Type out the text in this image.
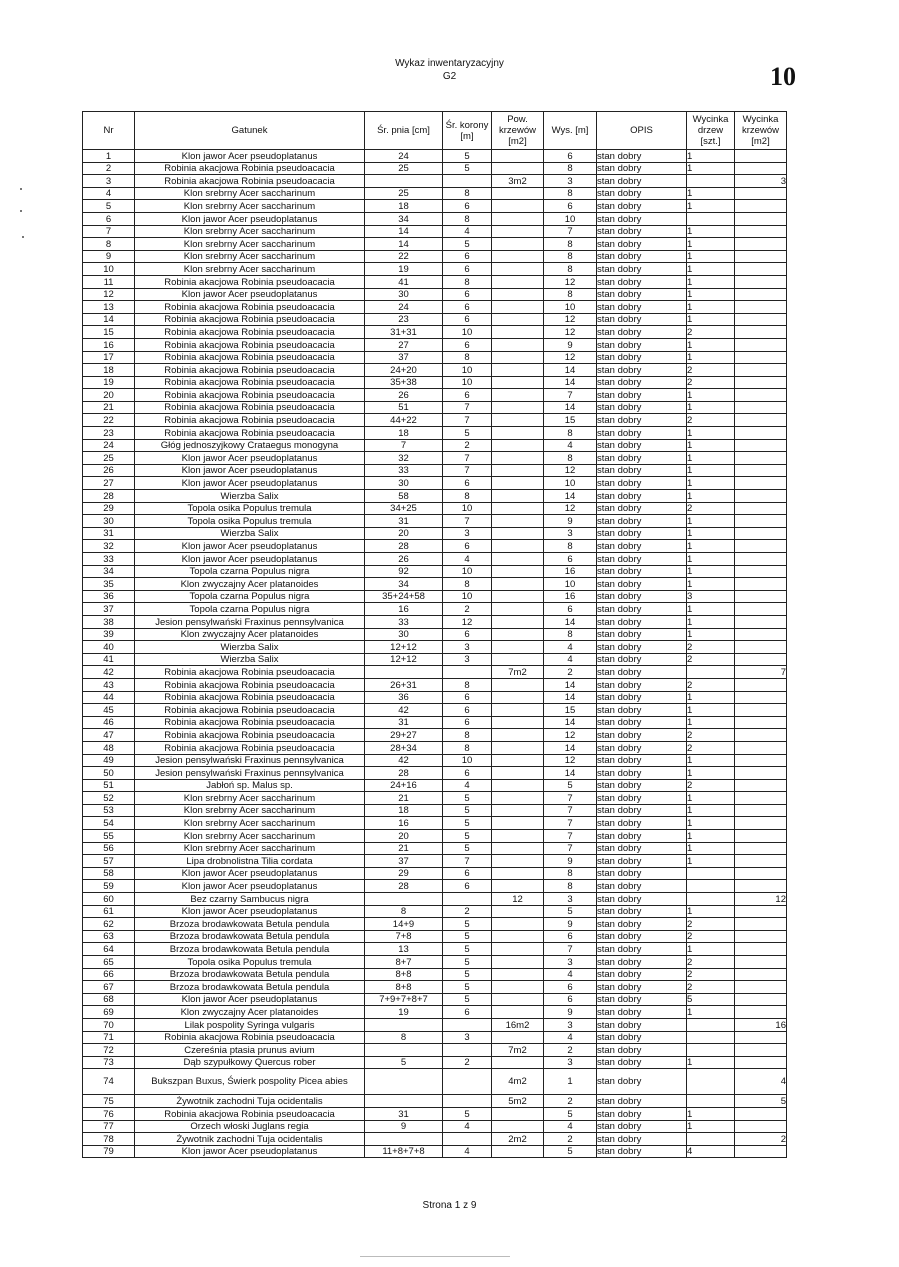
Wykaz inwentaryzacyjny
G2	10
Nr	Gatunek	Śr. pnia [cm]	Śr. korony [m]	Pow. krzewów [m2]	Wys. [m]	OPIS	Wycinka drzew [szt.]	Wycinka krzewów [m2]
1	Klon jawor Acer pseudoplatanus	24	5		6	stan dobry	1	
2	Robinia akacjowa Robinia pseudoacacia	25	5		8	stan dobry	1	
3	Robinia akacjowa Robinia pseudoacacia			3m2	3	stan dobry		3
4	Klon srebrny Acer saccharinum	25	8		8	stan dobry	1	
5	Klon srebrny Acer saccharinum	18	6		6	stan dobry	1	
6	Klon jawor Acer pseudoplatanus	34	8		10	stan dobry		
7	Klon srebrny Acer saccharinum	14	4		7	stan dobry	1	
8	Klon srebrny Acer saccharinum	14	5		8	stan dobry	1	
9	Klon srebrny Acer saccharinum	22	6		8	stan dobry	1	
10	Klon srebrny Acer saccharinum	19	6		8	stan dobry	1	
11	Robinia akacjowa Robinia pseudoacacia	41	8		12	stan dobry	1	
12	Klon jawor Acer pseudoplatanus	30	6		8	stan dobry	1	
13	Robinia akacjowa Robinia pseudoacacia	24	6		10	stan dobry	1	
14	Robinia akacjowa Robinia pseudoacacia	23	6		12	stan dobry	1	
15	Robinia akacjowa Robinia pseudoacacia	31+31	10		12	stan dobry	2	
16	Robinia akacjowa Robinia pseudoacacia	27	6		9	stan dobry	1	
17	Robinia akacjowa Robinia pseudoacacia	37	8		12	stan dobry	1	
18	Robinia akacjowa Robinia pseudoacacia	24+20	10		14	stan dobry	2	
19	Robinia akacjowa Robinia pseudoacacia	35+38	10		14	stan dobry	2	
20	Robinia akacjowa Robinia pseudoacacia	26	6		7	stan dobry	1	
21	Robinia akacjowa Robinia pseudoacacia	51	7		14	stan dobry	1	
22	Robinia akacjowa Robinia pseudoacacia	44+22	7		15	stan dobry	2	
23	Robinia akacjowa Robinia pseudoacacia	18	5		8	stan dobry	1	
24	Głóg jednoszyjkowy Crataegus monogyna	7	2		4	stan dobry	1	
25	Klon jawor Acer pseudoplatanus	32	7		8	stan dobry	1	
26	Klon jawor Acer pseudoplatanus	33	7		12	stan dobry	1	
27	Klon jawor Acer pseudoplatanus	30	6		10	stan dobry	1	
28	Wierzba Salix	58	8		14	stan dobry	1	
29	Topola osika Populus tremula	34+25	10		12	stan dobry	2	
30	Topola osika Populus tremula	31	7		9	stan dobry	1	
31	Wierzba Salix	20	3		3	stan dobry	1	
32	Klon jawor Acer pseudoplatanus	28	6		8	stan dobry	1	
33	Klon jawor Acer pseudoplatanus	26	4		6	stan dobry	1	
34	Topola czarna Populus nigra	92	10		16	stan dobry	1	
35	Klon zwyczajny Acer platanoides	34	8		10	stan dobry	1	
36	Topola czarna Populus nigra	35+24+58	10		16	stan dobry	3	
37	Topola czarna Populus nigra	16	2		6	stan dobry	1	
38	Jesion pensylwański Fraxinus pennsylvanica	33	12		14	stan dobry	1	
39	Klon zwyczajny Acer platanoides	30	6		8	stan dobry	1	
40	Wierzba Salix	12+12	3		4	stan dobry	2	
41	Wierzba Salix	12+12	3		4	stan dobry	2	
42	Robinia akacjowa Robinia pseudoacacia			7m2	2	stan dobry		7
43	Robinia akacjowa Robinia pseudoacacia	26+31	8		14	stan dobry	2	
44	Robinia akacjowa Robinia pseudoacacia	36	6		14	stan dobry	1	
45	Robinia akacjowa Robinia pseudoacacia	42	6		15	stan dobry	1	
46	Robinia akacjowa Robinia pseudoacacia	31	6		14	stan dobry	1	
47	Robinia akacjowa Robinia pseudoacacia	29+27	8		12	stan dobry	2	
48	Robinia akacjowa Robinia pseudoacacia	28+34	8		14	stan dobry	2	
49	Jesion pensylwański Fraxinus pennsylvanica	42	10		12	stan dobry	1	
50	Jesion pensylwański Fraxinus pennsylvanica	28	6		14	stan dobry	1	
51	Jabłoń sp. Malus sp.	24+16	4		5	stan dobry	2	
52	Klon srebrny Acer saccharinum	21	5		7	stan dobry	1	
53	Klon srebrny Acer saccharinum	18	5		7	stan dobry	1	
54	Klon srebrny Acer saccharinum	16	5		7	stan dobry	1	
55	Klon srebrny Acer saccharinum	20	5		7	stan dobry	1	
56	Klon srebrny Acer saccharinum	21	5		7	stan dobry	1	
57	Lipa drobnolistna Tilia cordata	37	7		9	stan dobry	1	
58	Klon jawor Acer pseudoplatanus	29	6		8	stan dobry		
59	Klon jawor Acer pseudoplatanus	28	6		8	stan dobry		
60	Bez czarny Sambucus nigra			12	3	stan dobry		12
61	Klon jawor Acer pseudoplatanus	8	2		5	stan dobry	1	
62	Brzoza brodawkowata Betula pendula	14+9	5		9	stan dobry	2	
63	Brzoza brodawkowata Betula pendula	7+8	5		6	stan dobry	2	
64	Brzoza brodawkowata Betula pendula	13	5		7	stan dobry	1	
65	Topola osika Populus tremula	8+7	5		3	stan dobry	2	
66	Brzoza brodawkowata Betula pendula	8+8	5		4	stan dobry	2	
67	Brzoza brodawkowata Betula pendula	8+8	5		6	stan dobry	2	
68	Klon jawor Acer pseudoplatanus	7+9+7+8+7	5		6	stan dobry	5	
69	Klon zwyczajny Acer platanoides	19	6		9	stan dobry	1	
70	Lilak pospolity Syringa vulgaris			16m2	3	stan dobry		16
71	Robinia akacjowa Robinia pseudoacacia	8	3		4	stan dobry		
72	Czereśnia ptasia prunus avium			7m2	2	stan dobry		
73	Dąb szypułkowy Quercus rober	5	2		3	stan dobry	1	
74	Bukszpan Buxus, Świerk pospolity Picea abies			4m2	1	stan dobry		4
75	Żywotnik zachodni Tuja ocidentalis			5m2	2	stan dobry		5
76	Robinia akacjowa Robinia pseudoacacia	31	5		5	stan dobry	1	
77	Orzech włoski Juglans regia	9	4		4	stan dobry	1	
78	Żywotnik zachodni Tuja ocidentalis			2m2	2	stan dobry		2
79	Klon jawor Acer pseudoplatanus	11+8+7+8	4		5	stan dobry	4	
Strona 1 z 9
